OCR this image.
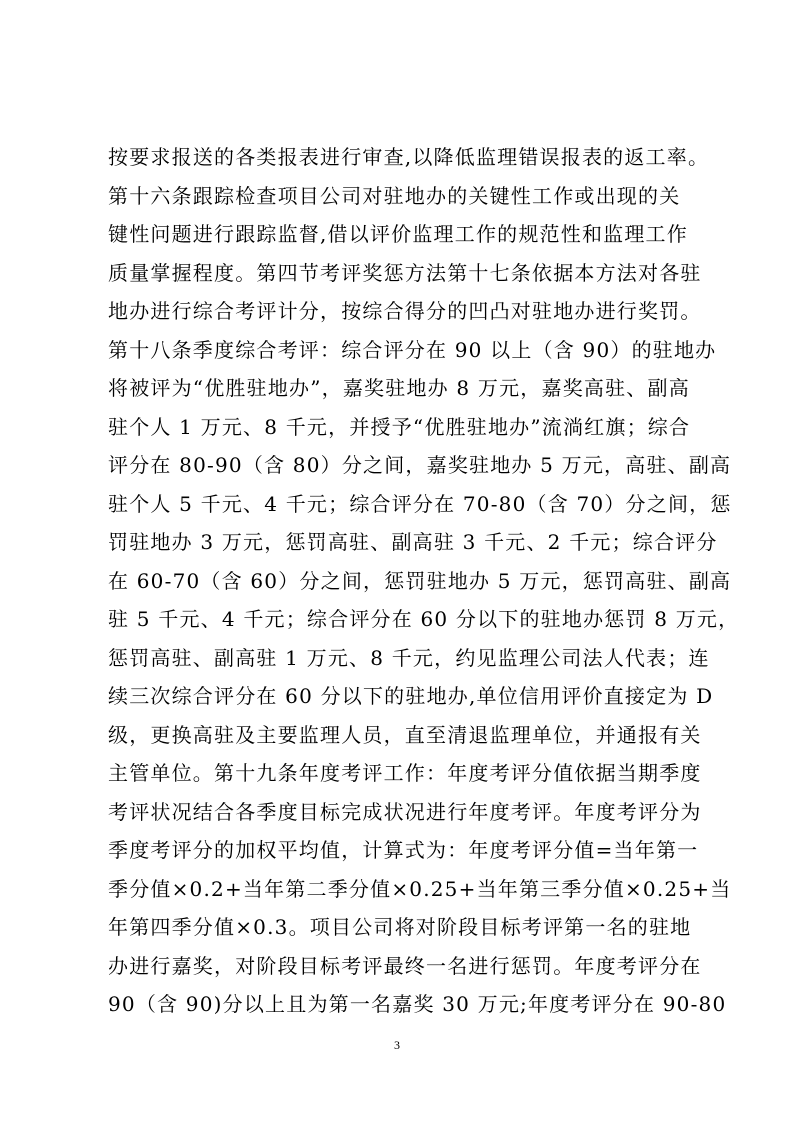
按要求报送的各类报表进行审查,以降低监理错误报表的返工率。
第十六条跟踪检查项目公司对驻地办的关键性工作或出现的关
键性问题进行跟踪监督,借以评价监理工作的规范性和监理工作
质量掌握程度。第四节考评奖惩方法第十七条依据本方法对各驻
地办进行综合考评计分，按综合得分的凹凸对驻地办进行奖罚。
第十八条季度综合考评：综合评分在 90 以上（含 90）的驻地办
将被评为“优胜驻地办”，嘉奖驻地办 8 万元，嘉奖高驻、副高
驻个人 1 万元、8 千元，并授予“优胜驻地办”流淌红旗；综合
评分在 80-90（含 80）分之间，嘉奖驻地办 5 万元，高驻、副高
驻个人 5 千元、4 千元；综合评分在 70-80（含 70）分之间，惩
罚驻地办 3 万元，惩罚高驻、副高驻 3 千元、2 千元；综合评分
在 60-70（含 60）分之间，惩罚驻地办 5 万元，惩罚高驻、副高
驻 5 千元、4 千元；综合评分在 60 分以下的驻地办惩罚 8 万元，
惩罚高驻、副高驻 1 万元、8 千元，约见监理公司法人代表；连
续三次综合评分在 60 分以下的驻地办,单位信用评价直接定为 D
级，更换高驻及主要监理人员，直至清退监理单位，并通报有关
主管单位。第十九条年度考评工作：年度考评分值依据当期季度
考评状况结合各季度目标完成状况进行年度考评。年度考评分为
季度考评分的加权平均值，计算式为：年度考评分值=当年第一
季分值×0.2+当年第二季分值×0.25+当年第三季分值×0.25+当
年第四季分值×0.3。项目公司将对阶段目标考评第一名的驻地
办进行嘉奖，对阶段目标考评最终一名进行惩罚。年度考评分在
90（含 90)分以上且为第一名嘉奖 30 万元;年度考评分在 90-80
3
